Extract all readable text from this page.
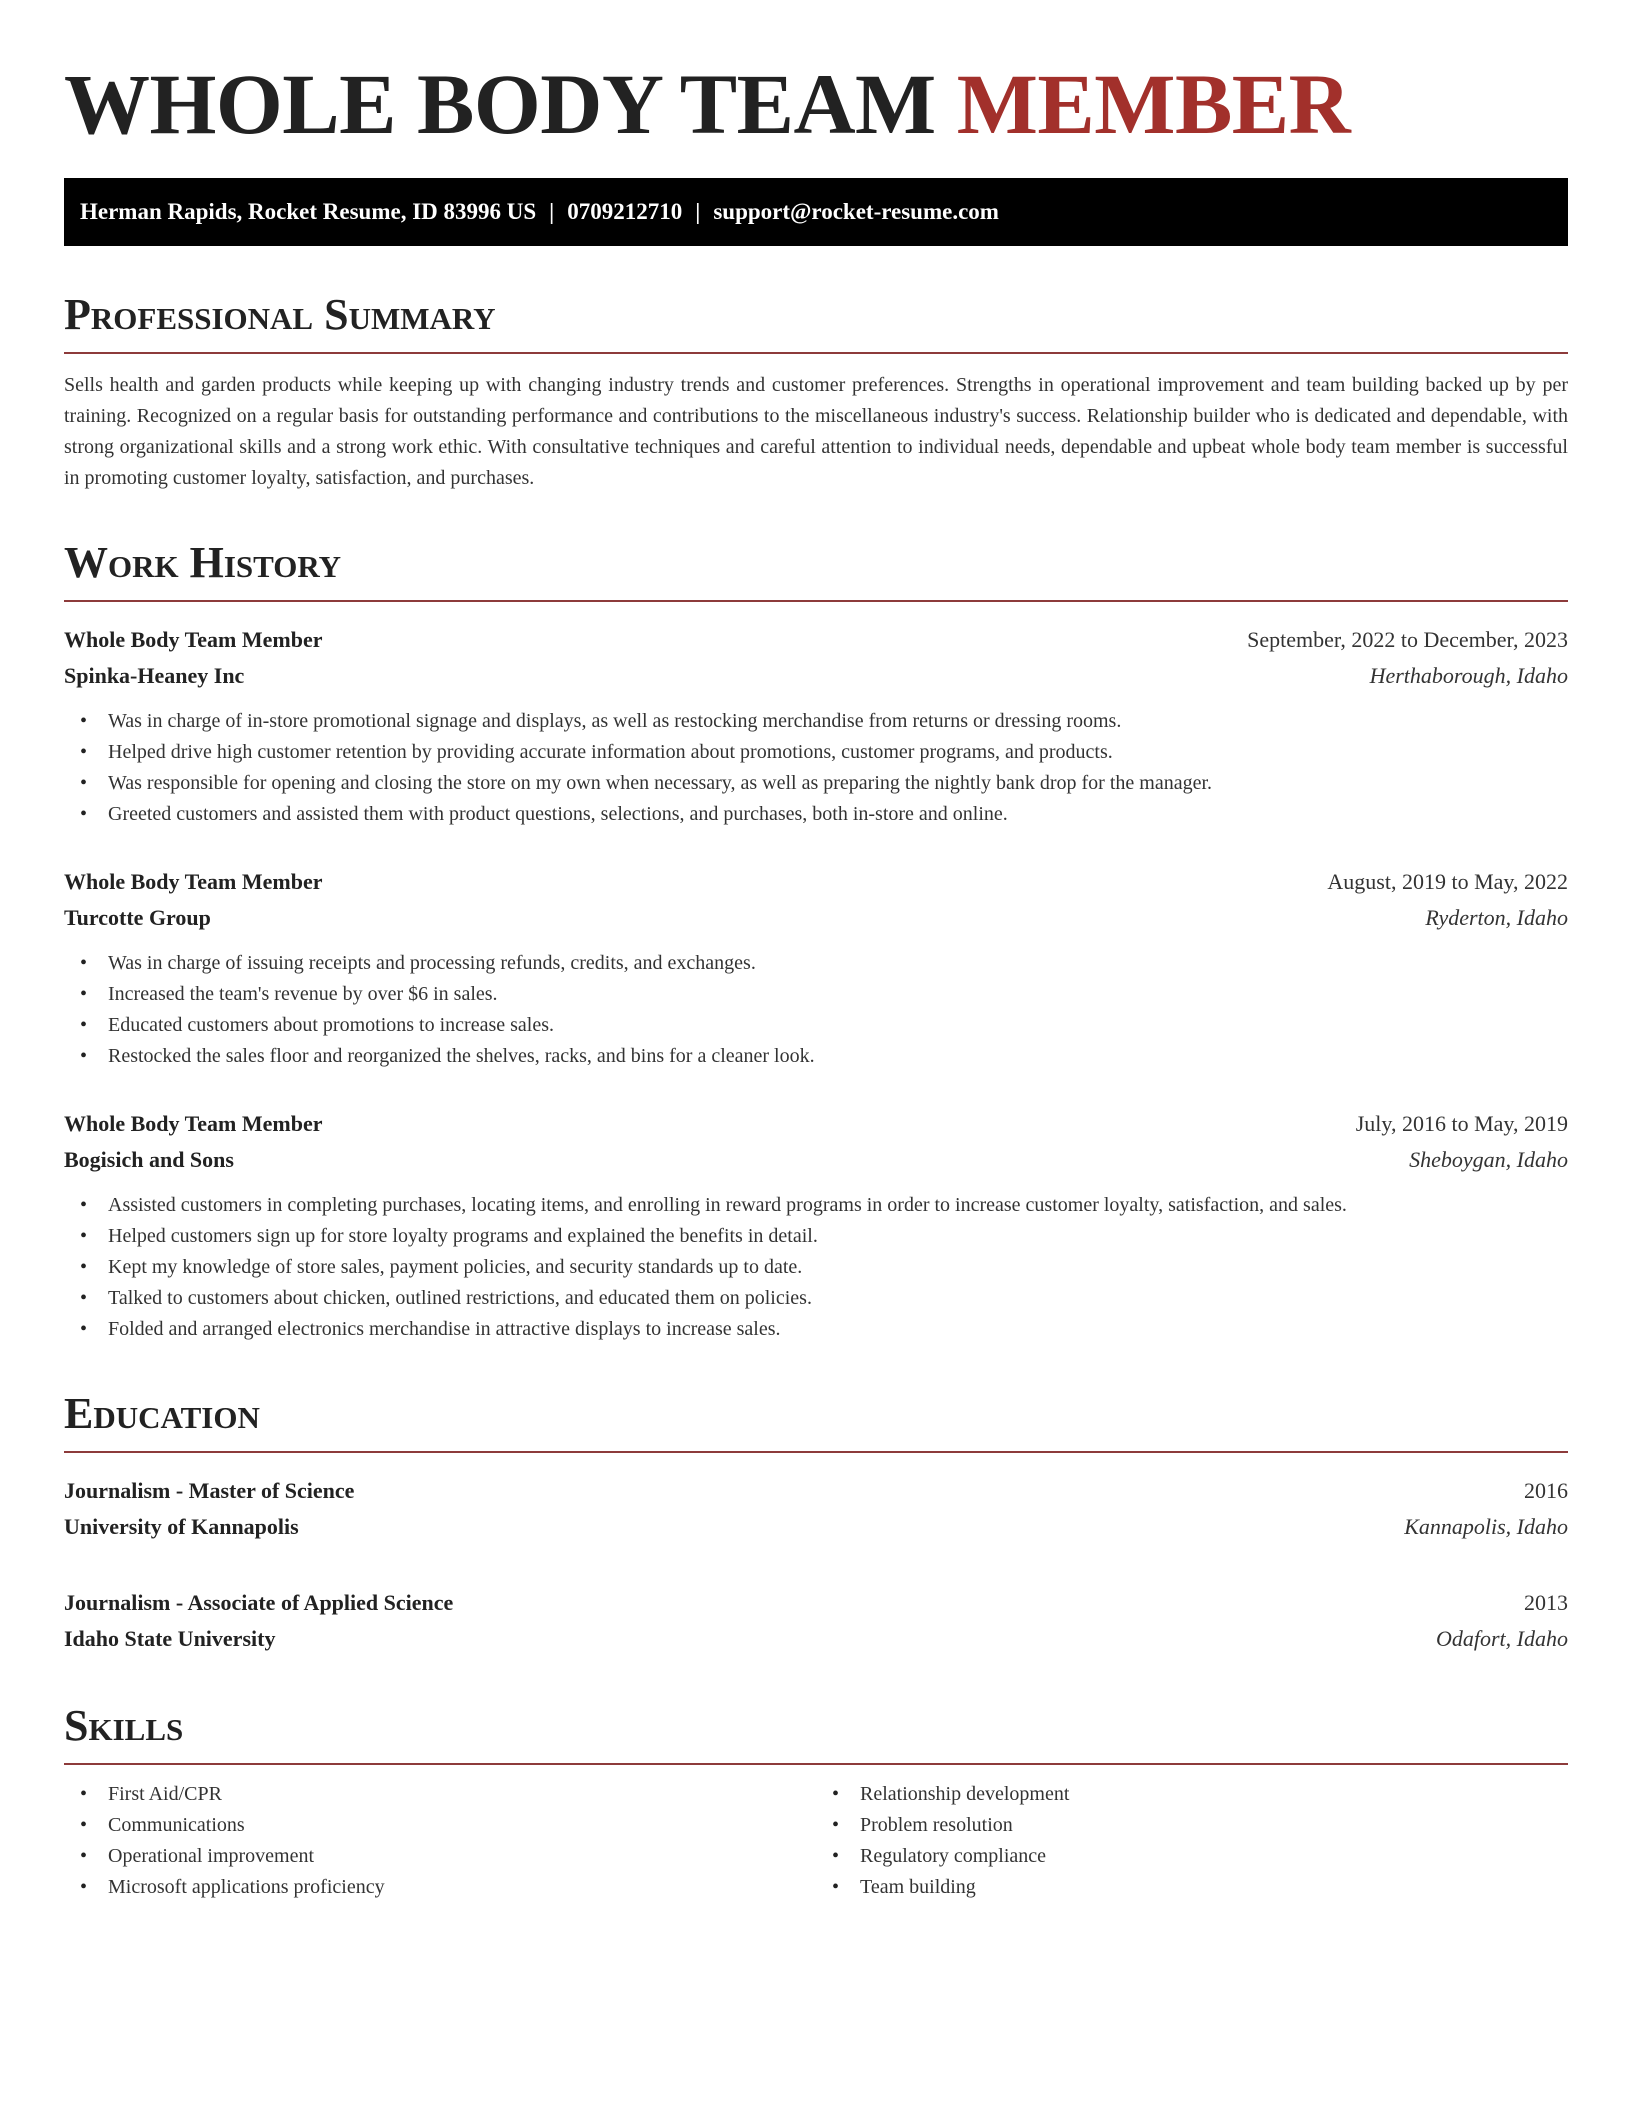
WHOLE BODY TEAM MEMBER
Herman Rapids, Rocket Resume, ID 83996 US | 0709212710 | support@rocket-resume.com
Professional Summary

Sells health and garden products while keeping up with changing industry trends and customer preferences. Strengths in operational improvement and team building backed up by per training. Recognized on a regular basis for outstanding performance and contributions to the miscellaneous industry's success. Relationship builder who is dedicated and dependable, with strong organizational skills and a strong work ethic. With consultative techniques and careful attention to individual needs, dependable and upbeat whole body team member is successful in promoting customer loyalty, satisfaction, and purchases.

Work History
Whole Body Team Member	September, 2022 to December, 2023
Spinka-Heaney Inc	Herthaborough, Idaho
• Was in charge of in-store promotional signage and displays, as well as restocking merchandise from returns or dressing rooms.
• Helped drive high customer retention by providing accurate information about promotions, customer programs, and products.
• Was responsible for opening and closing the store on my own when necessary, as well as preparing the nightly bank drop for the manager.
• Greeted customers and assisted them with product questions, selections, and purchases, both in-store and online.
Whole Body Team Member	August, 2019 to May, 2022
Turcotte Group	Ryderton, Idaho
• Was in charge of issuing receipts and processing refunds, credits, and exchanges.
• Increased the team's revenue by over $6 in sales.
• Educated customers about promotions to increase sales.
• Restocked the sales floor and reorganized the shelves, racks, and bins for a cleaner look.
Whole Body Team Member	July, 2016 to May, 2019
Bogisich and Sons	Sheboygan, Idaho
• Assisted customers in completing purchases, locating items, and enrolling in reward programs in order to increase customer loyalty, satisfaction, and sales.
• Helped customers sign up for store loyalty programs and explained the benefits in detail.
• Kept my knowledge of store sales, payment policies, and security standards up to date.
• Talked to customers about chicken, outlined restrictions, and educated them on policies.
• Folded and arranged electronics merchandise in attractive displays to increase sales.
Education
Journalism - Master of Science	2016
University of Kannapolis	Kannapolis, Idaho
Journalism - Associate of Applied Science	2013
Idaho State University	Odafort, Idaho
Skills
• First Aid/CPR
• Communications
• Operational improvement
• Microsoft applications proficiency
• Relationship development
• Problem resolution
• Regulatory compliance
• Team building
